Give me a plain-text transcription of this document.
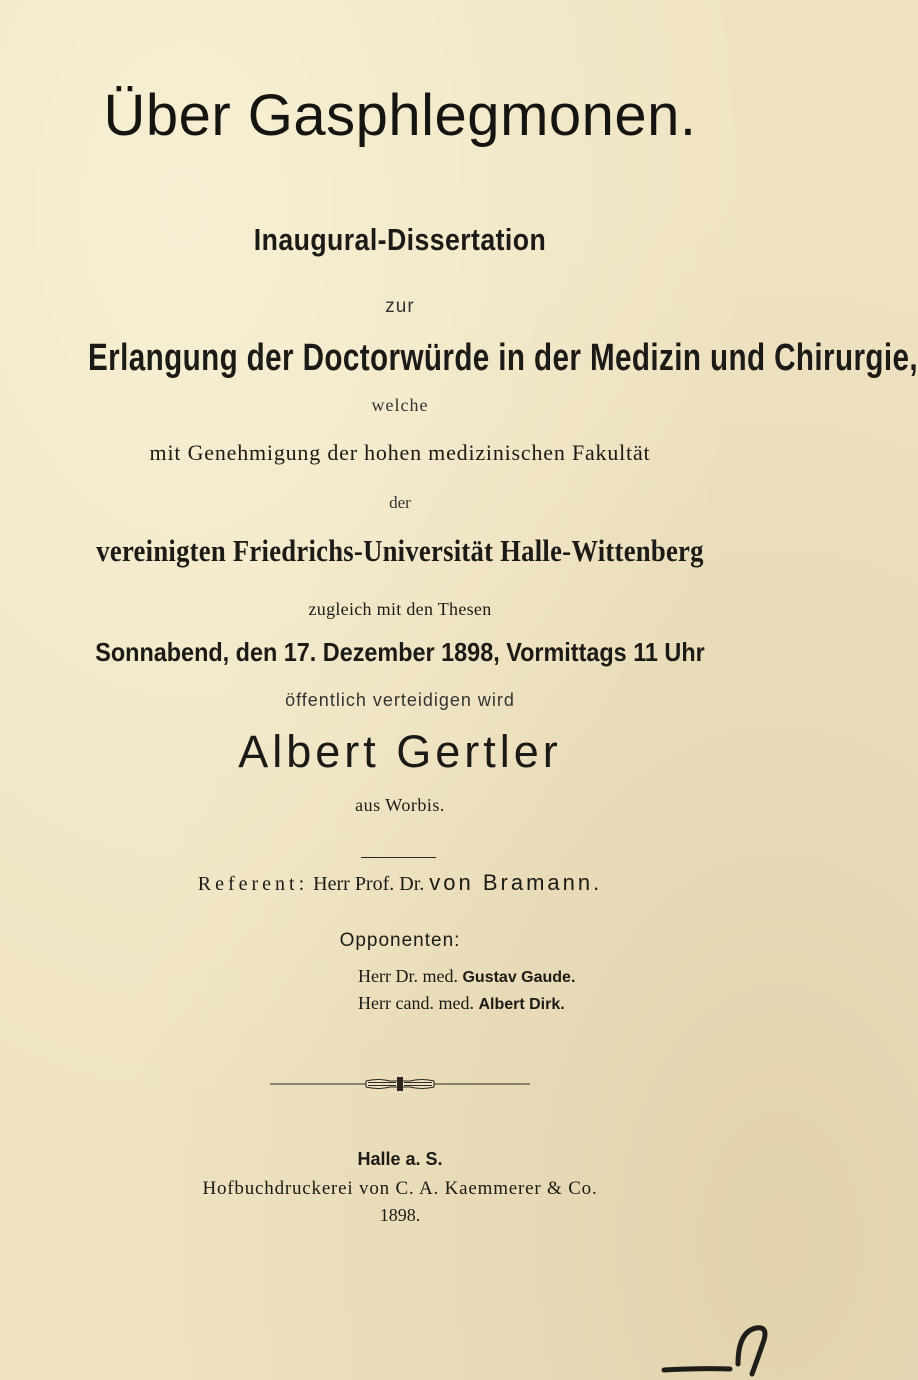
Über Gasphlegmonen.
Inaugural-Dissertation
zur
Erlangung der Doctorwürde in der Medizin und Chirurgie,
welche
mit Genehmigung der hohen medizinischen Fakultät
der
vereinigten Friedrichs-Universität Halle-Wittenberg
zugleich mit den Thesen
Sonnabend, den 17. Dezember 1898, Vormittags 11 Uhr
öffentlich verteidigen wird
Albert Gertler
aus Worbis.
Referent: Herr Prof. Dr. von Bramann.
Opponenten:
Herr Dr. med. Gustav Gaude.
Herr cand. med. Albert Dirk.
Halle a. S.
Hofbuchdruckerei von C. A. Kaemmerer & Co.
1898.
